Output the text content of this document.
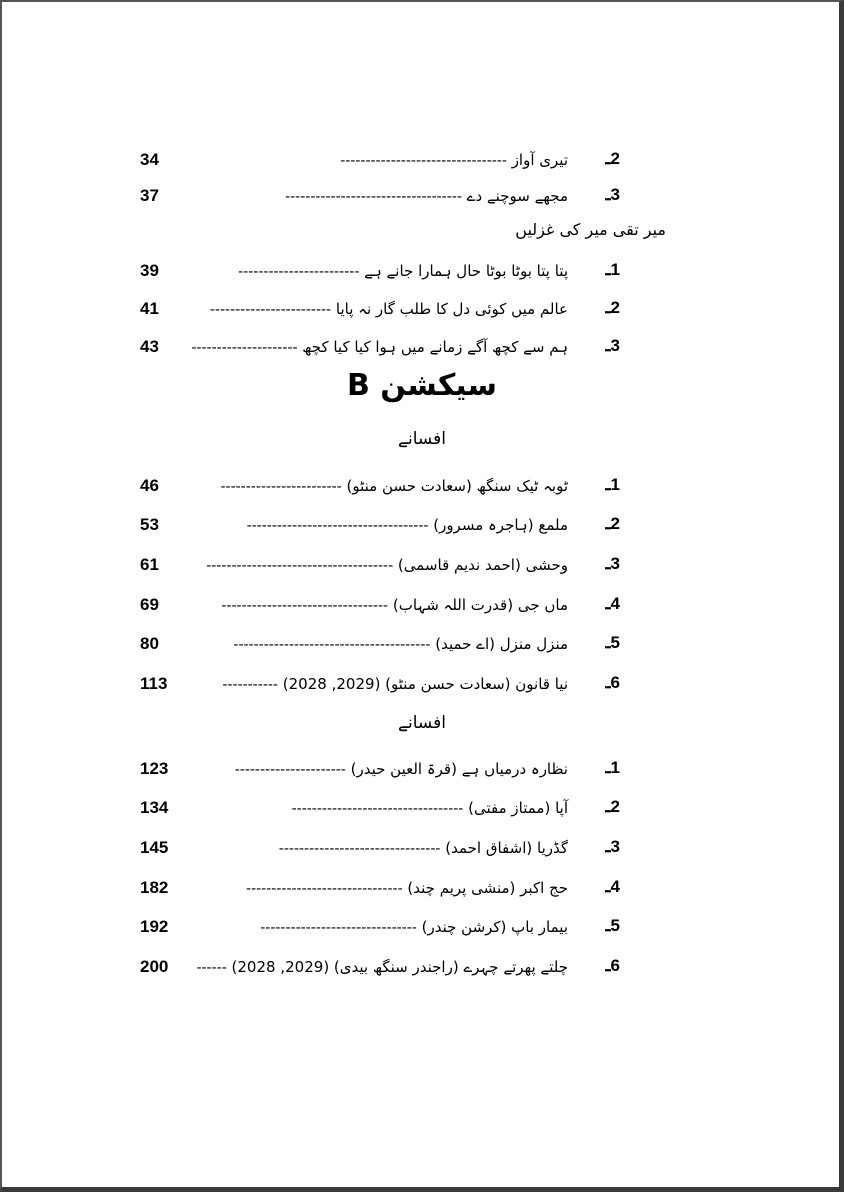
34	تیری آواز ---------------------------------	2ـ
37	مجھے سوچنے دے -----------------------------------	3ـ
میر تقی میر کی غزلیں
39	پتا پتا بوٹا بوٹا حال ہمارا جانے ہے ------------------------	1ـ
41	عالم میں کوئی دل کا طلب گار نہ پایا ------------------------	2ـ
43	ہم سے کچھ آگے زمانے میں ہوا کیا کیا کچھ ---------------------	3ـ
سیکشن B
افسانے
46	ٹوبہ ٹیک سنگھ (سعادت حسن منٹو) ------------------------	1ـ
53	ملمع (ہاجرہ مسرور) ------------------------------------	2ـ
61	وحشی (احمد ندیم قاسمی) -------------------------------------	3ـ
69	ماں جی (قدرت اللہ شہاب) ---------------------------------	4ـ
80	منزل منزل (اے حمید) ---------------------------------------	5ـ
113	نیا قانون (سعادت حسن منٹو) (2029, 2028) -----------	6ـ
افسانے
123	نظارہ درمیاں ہے (قرۃ العین حیدر) ----------------------	1ـ
134	آپا (ممتاز مفتی) ----------------------------------	2ـ
145	گڈریا (اشفاق احمد) --------------------------------	3ـ
182	حج اکبر (منشی پریم چند) -------------------------------	4ـ
192	بیمار باپ (کرشن چندر) -------------------------------	5ـ
200	چلتے پھرتے چہرے (راجندر سنگھ بیدی) (2029, 2028) ------	6ـ
